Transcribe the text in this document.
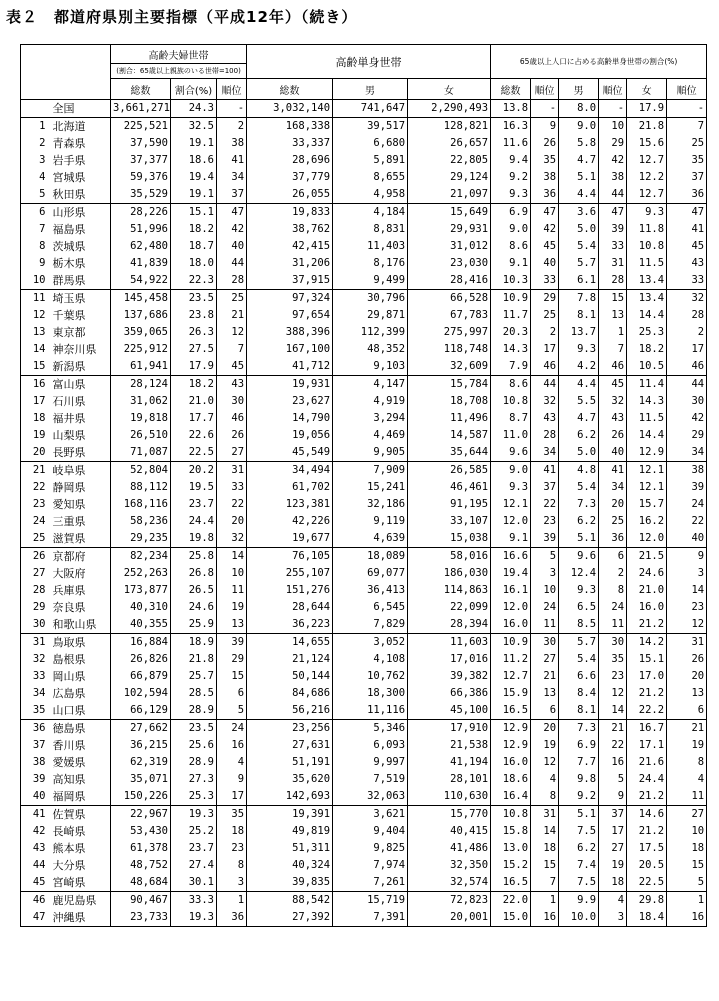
表２　都道府県別主要指標（平成12年）（続き）
		高齢夫婦世帯			高齢単身世帯			65歳以上人口に占める高齢単身世帯の割合(%)					
		(割合：65歳以上親族のいる世帯=100)											
		総数	割合(%)	順位	総数	男	女	総数	順位	男	順位	女	順位
	全国	3,661,271	24.3	-	3,032,140	741,647	2,290,493	13.8	-	8.0	-	17.9	-
1	北海道	225,521	32.5	2	168,338	39,517	128,821	16.3	9	9.0	10	21.8	7
2	青森県	37,590	19.1	38	33,337	6,680	26,657	11.6	26	5.8	29	15.6	25
3	岩手県	37,377	18.6	41	28,696	5,891	22,805	9.4	35	4.7	42	12.7	35
4	宮城県	59,376	19.4	34	37,779	8,655	29,124	9.2	38	5.1	38	12.2	37
5	秋田県	35,529	19.1	37	26,055	4,958	21,097	9.3	36	4.4	44	12.7	36
6	山形県	28,226	15.1	47	19,833	4,184	15,649	6.9	47	3.6	47	9.3	47
7	福島県	51,996	18.2	42	38,762	8,831	29,931	9.0	42	5.0	39	11.8	41
8	茨城県	62,480	18.7	40	42,415	11,403	31,012	8.6	45	5.4	33	10.8	45
9	栃木県	41,839	18.0	44	31,206	8,176	23,030	9.1	40	5.7	31	11.5	43
10	群馬県	54,922	22.3	28	37,915	9,499	28,416	10.3	33	6.1	28	13.4	33
11	埼玉県	145,458	23.5	25	97,324	30,796	66,528	10.9	29	7.8	15	13.4	32
12	千葉県	137,686	23.8	21	97,654	29,871	67,783	11.7	25	8.1	13	14.4	28
13	東京都	359,065	26.3	12	388,396	112,399	275,997	20.3	2	13.7	1	25.3	2
14	神奈川県	225,912	27.5	7	167,100	48,352	118,748	14.3	17	9.3	7	18.2	17
15	新潟県	61,941	17.9	45	41,712	9,103	32,609	7.9	46	4.2	46	10.5	46
16	富山県	28,124	18.2	43	19,931	4,147	15,784	8.6	44	4.4	45	11.4	44
17	石川県	31,062	21.0	30	23,627	4,919	18,708	10.8	32	5.5	32	14.3	30
18	福井県	19,818	17.7	46	14,790	3,294	11,496	8.7	43	4.7	43	11.5	42
19	山梨県	26,510	22.6	26	19,056	4,469	14,587	11.0	28	6.2	26	14.4	29
20	長野県	71,087	22.5	27	45,549	9,905	35,644	9.6	34	5.0	40	12.9	34
21	岐阜県	52,804	20.2	31	34,494	7,909	26,585	9.0	41	4.8	41	12.1	38
22	静岡県	88,112	19.5	33	61,702	15,241	46,461	9.3	37	5.4	34	12.1	39
23	愛知県	168,116	23.7	22	123,381	32,186	91,195	12.1	22	7.3	20	15.7	24
24	三重県	58,236	24.4	20	42,226	9,119	33,107	12.0	23	6.2	25	16.2	22
25	滋賀県	29,235	19.8	32	19,677	4,639	15,038	9.1	39	5.1	36	12.0	40
26	京都府	82,234	25.8	14	76,105	18,089	58,016	16.6	5	9.6	6	21.5	9
27	大阪府	252,263	26.8	10	255,107	69,077	186,030	19.4	3	12.4	2	24.6	3
28	兵庫県	173,877	26.5	11	151,276	36,413	114,863	16.1	10	9.3	8	21.0	14
29	奈良県	40,310	24.6	19	28,644	6,545	22,099	12.0	24	6.5	24	16.0	23
30	和歌山県	40,355	25.9	13	36,223	7,829	28,394	16.0	11	8.5	11	21.2	12
31	鳥取県	16,884	18.9	39	14,655	3,052	11,603	10.9	30	5.7	30	14.2	31
32	島根県	26,826	21.8	29	21,124	4,108	17,016	11.2	27	5.4	35	15.1	26
33	岡山県	66,879	25.7	15	50,144	10,762	39,382	12.7	21	6.6	23	17.0	20
34	広島県	102,594	28.5	6	84,686	18,300	66,386	15.9	13	8.4	12	21.2	13
35	山口県	66,129	28.9	5	56,216	11,116	45,100	16.5	6	8.1	14	22.2	6
36	徳島県	27,662	23.5	24	23,256	5,346	17,910	12.9	20	7.3	21	16.7	21
37	香川県	36,215	25.6	16	27,631	6,093	21,538	12.9	19	6.9	22	17.1	19
38	愛媛県	62,319	28.9	4	51,191	9,997	41,194	16.0	12	7.7	16	21.6	8
39	高知県	35,071	27.3	9	35,620	7,519	28,101	18.6	4	9.8	5	24.4	4
40	福岡県	150,226	25.3	17	142,693	32,063	110,630	16.4	8	9.2	9	21.2	11
41	佐賀県	22,967	19.3	35	19,391	3,621	15,770	10.8	31	5.1	37	14.6	27
42	長崎県	53,430	25.2	18	49,819	9,404	40,415	15.8	14	7.5	17	21.2	10
43	熊本県	61,378	23.7	23	51,311	9,825	41,486	13.0	18	6.2	27	17.5	18
44	大分県	48,752	27.4	8	40,324	7,974	32,350	15.2	15	7.4	19	20.5	15
45	宮崎県	48,684	30.1	3	39,835	7,261	32,574	16.5	7	7.5	18	22.5	5
46	鹿児島県	90,467	33.3	1	88,542	15,719	72,823	22.0	1	9.9	4	29.8	1
47	沖縄県	23,733	19.3	36	27,392	7,391	20,001	15.0	16	10.0	3	18.4	16
